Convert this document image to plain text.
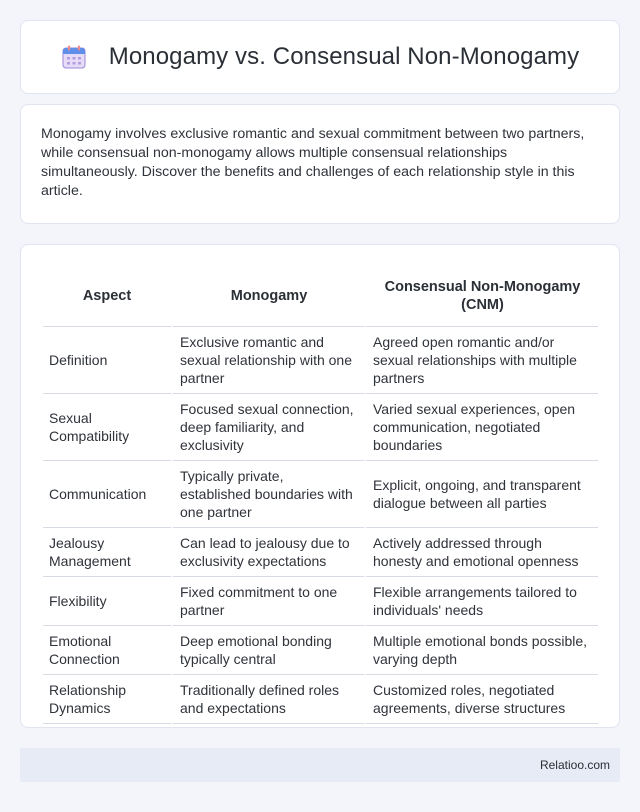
Monogamy vs. Consensual Non-Monogamy

Monogamy involves exclusive romantic and sexual commitment between two partners, while consensual non-monogamy allows multiple consensual relationships simultaneously. Discover the benefits and challenges of each relationship style in this article.

Aspect	Monogamy	Consensual Non-Monogamy (CNM)
Definition	Exclusive romantic and sexual relationship with one partner	Agreed open romantic and/or sexual relationships with multiple partners
Sexual Compatibility	Focused sexual connection, deep familiarity, and exclusivity	Varied sexual experiences, open communication, negotiated boundaries
Communication	Typically private, established boundaries with one partner	Explicit, ongoing, and transparent dialogue between all parties
Jealousy Management	Can lead to jealousy due to exclusivity expectations	Actively addressed through honesty and emotional openness
Flexibility	Fixed commitment to one partner	Flexible arrangements tailored to individuals' needs
Emotional Connection	Deep emotional bonding typically central	Multiple emotional bonds possible, varying depth
Relationship Dynamics	Traditionally defined roles and expectations	Customized roles, negotiated agreements, diverse structures
Relatioo.com
